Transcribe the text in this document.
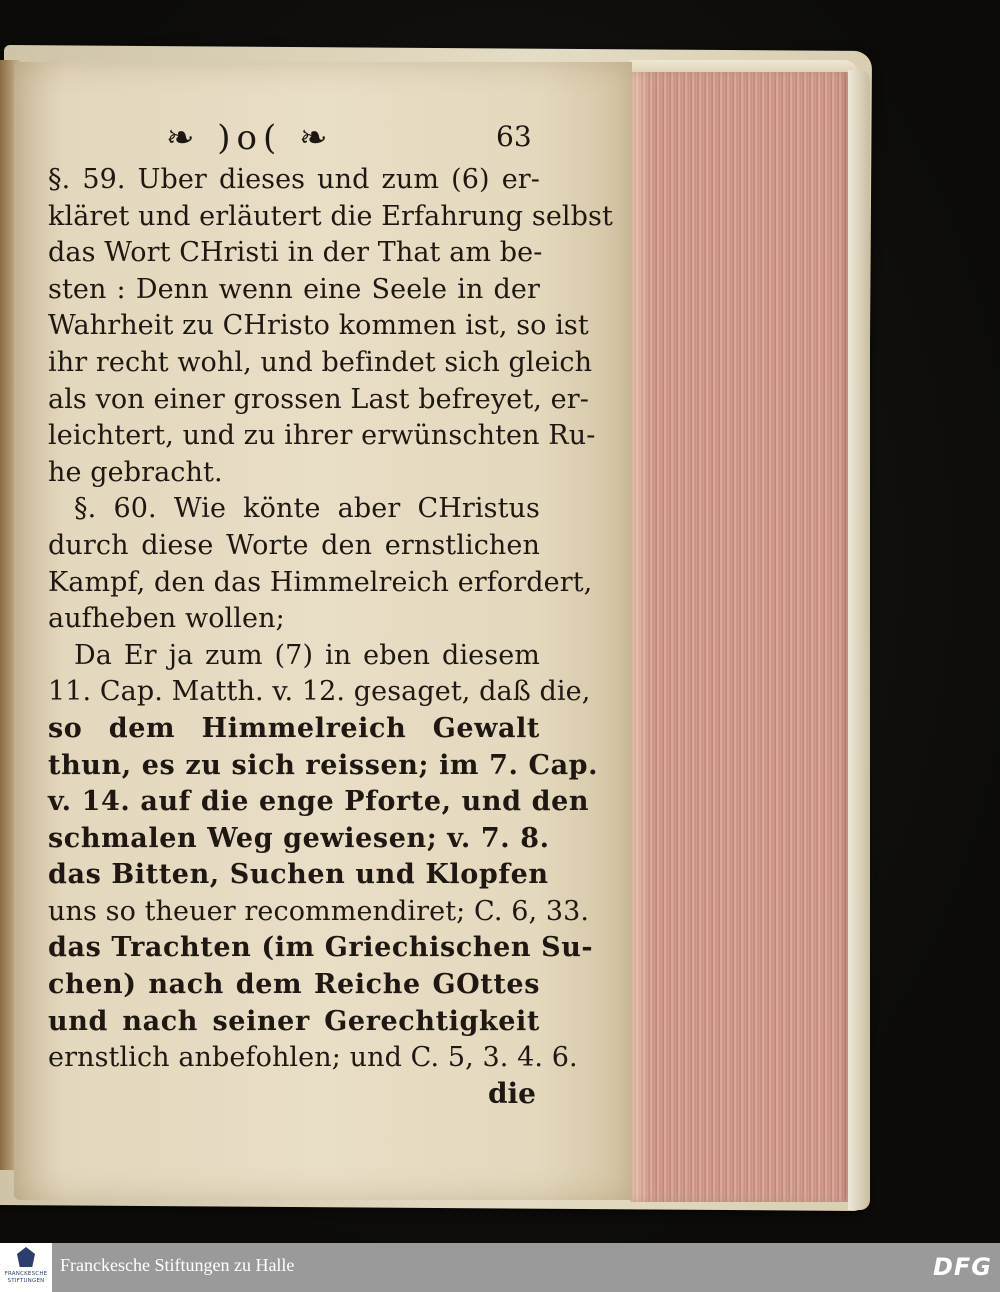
❧ )o( ❧	63
§. 59. Uber dieses und zum (6) er-
kläret und erläutert die Erfahrung selbst
das Wort CHristi in der That am be-
sten : Denn wenn eine Seele in der
Wahrheit zu CHristo kommen ist, so ist
ihr recht wohl, und befindet sich gleich
als von einer grossen Last befreyet, er-
leichtert, und zu ihrer erwünschten Ru-
he gebracht.
§. 60. Wie könte aber CHristus
durch diese Worte den ernstlichen
Kampf, den das Himmelreich erfordert,
aufheben wollen;
Da Er ja zum (7) in eben diesem
11. Cap. Matth. v. 12. gesaget, daß die,
so dem Himmelreich Gewalt
thun, es zu sich reissen; im 7. Cap.
v. 14. auf die enge Pforte, und den
schmalen Weg gewiesen; v. 7. 8.
das Bitten, Suchen und Klopfen
uns so theuer recommendiret; C. 6, 33.
das Trachten (im Griechischen Su-
chen) nach dem Reiche GOttes
und nach seiner Gerechtigkeit
ernstlich anbefohlen; und C. 5, 3. 4. 6.
die
FRANCKESCHE STIFTUNGEN
Franckesche Stiftungen zu Halle	DFG
